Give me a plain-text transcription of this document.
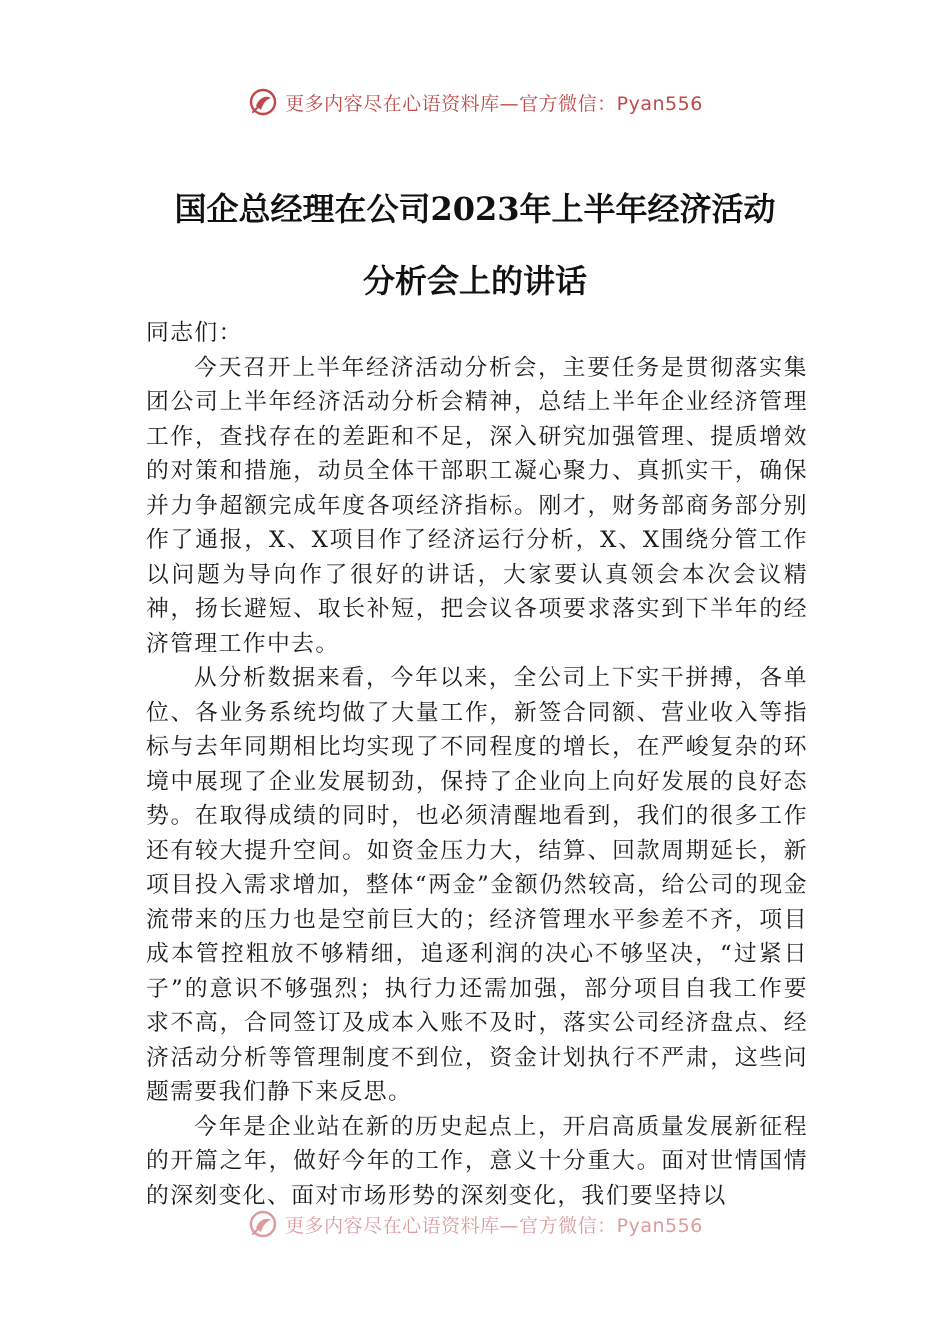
更多内容尽在心语资料库—官方微信：Pyan556
国企总经理在公司2023年上半年经济活动
分析会上的讲话

同志们：

今天召开上半年经济活动分析会，主要任务是贯彻落实集团公司上半年经济活动分析会精神，总结上半年企业经济管理工作，查找存在的差距和不足，深入研究加强管理、提质增效的对策和措施，动员全体干部职工凝心聚力、真抓实干，确保并力争超额完成年度各项经济指标。刚才，财务部商务部分别作了通报，X、X项目作了经济运行分析，X、X围绕分管工作以问题为导向作了很好的讲话，大家要认真领会本次会议精神，扬长避短、取长补短，把会议各项要求落实到下半年的经济管理工作中去。

从分析数据来看，今年以来，全公司上下实干拼搏，各单位、各业务系统均做了大量工作，新签合同额、营业收入等指标与去年同期相比均实现了不同程度的增长，在严峻复杂的环境中展现了企业发展韧劲，保持了企业向上向好发展的良好态势。在取得成绩的同时，也必须清醒地看到，我们的很多工作还有较大提升空间。如资金压力大，结算、回款周期延长，新项目投入需求增加，整体“两金”金额仍然较高，给公司的现金流带来的压力也是空前巨大的；经济管理水平参差不齐，项目成本管控粗放不够精细，追逐利润的决心不够坚决，“过紧日子”的意识不够强烈；执行力还需加强，部分项目自我工作要求不高，合同签订及成本入账不及时，落实公司经济盘点、经济活动分析等管理制度不到位，资金计划执行不严肃，这些问题需要我们静下来反思。

今年是企业站在新的历史起点上，开启高质量发展新征程的开篇之年，做好今年的工作，意义十分重大。面对世情国情的深刻变化、面对市场形势的深刻变化，我们要坚持以

更多内容尽在心语资料库—官方微信：Pyan556
